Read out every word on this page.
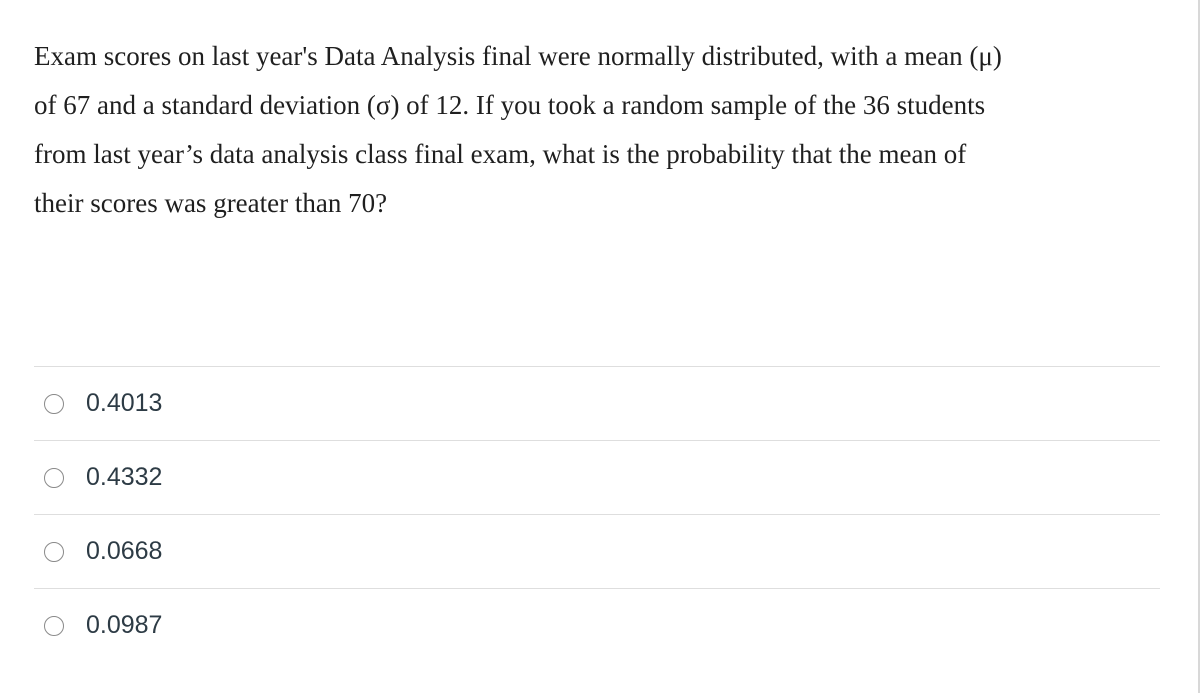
Exam scores on last year's Data Analysis final were normally distributed, with a mean (μ)
of 67 and a standard deviation (σ) of 12. If you took a random sample of the 36 students
from last year’s data analysis class final exam, what is the probability that the mean of
their scores was greater than 70?
0.4013
0.4332
0.0668
0.0987
